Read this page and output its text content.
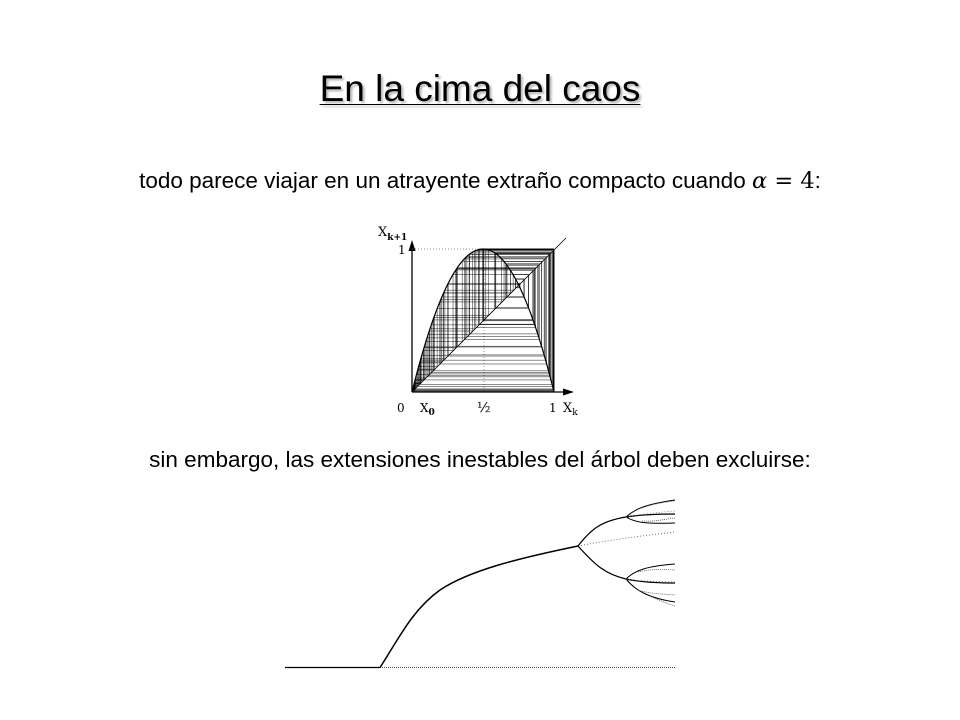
En la cima del caos
todo parece viajar en un atrayente extraño compacto cuando α = 4:
$X_{k+1}$
1
0 $X_0$	½	1 $X_k$
sin embargo, las extensiones inestables del árbol deben excluirse:
